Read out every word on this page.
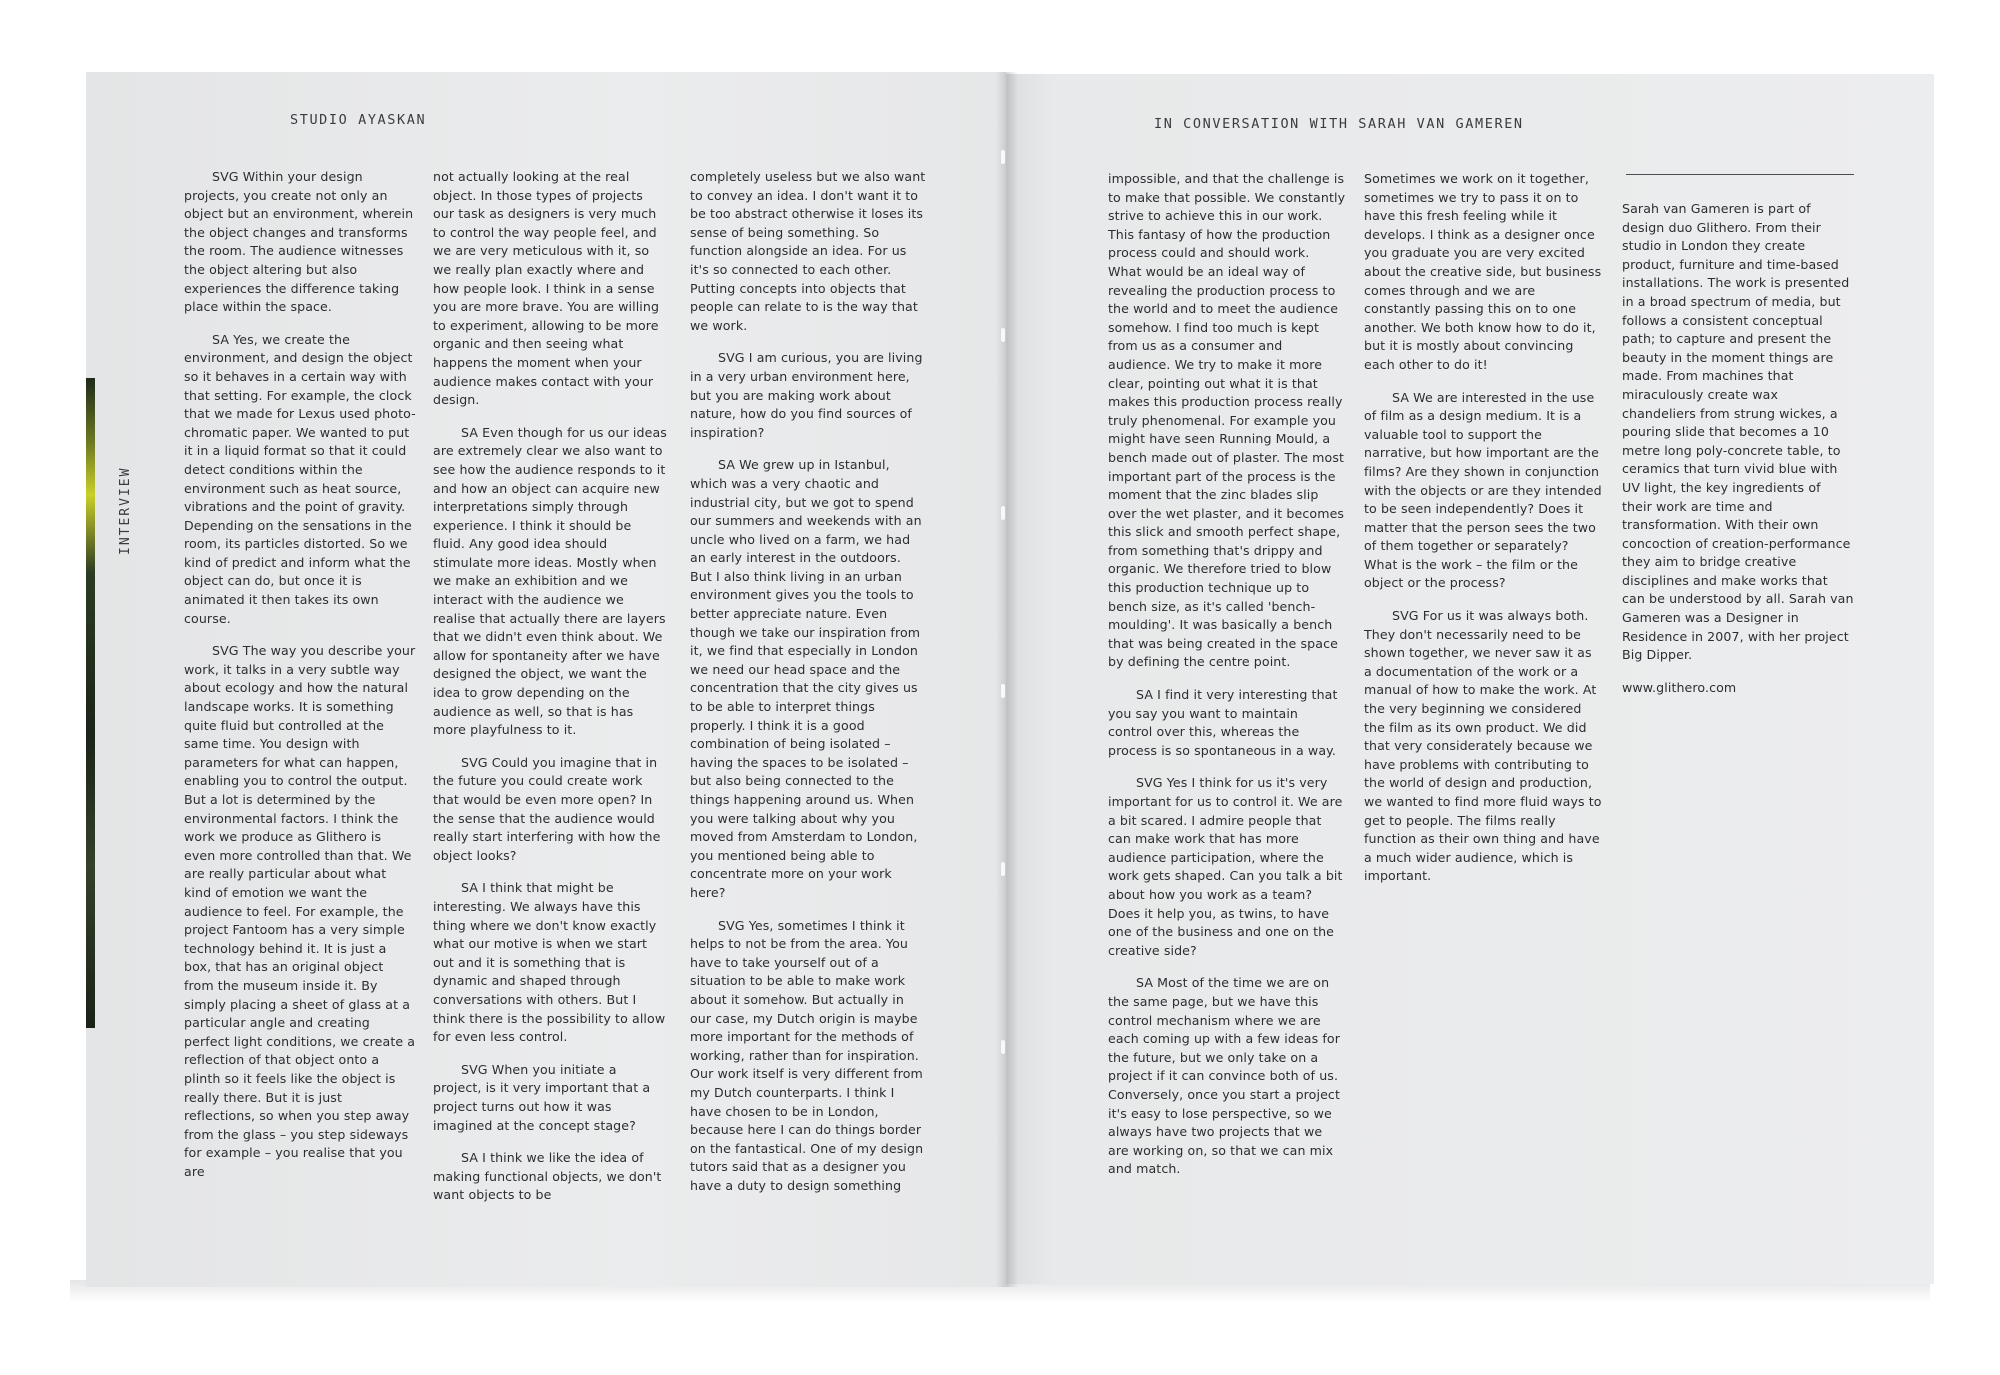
STUDIO AYASKAN	IN CONVERSATION WITH SARAH VAN GAMEREN
INTERVIEW

SVG Within your design projects, you create not only an object but an environment, wherein the object changes and transforms the room. The audience witnesses the object altering but also experiences the difference taking place within the space.

SA Yes, we create the environment, and design the object so it behaves in a certain way with that setting. For example, the clock that we made for Lexus used photo-chromatic paper. We wanted to put it in a liquid format so that it could detect conditions within the environment such as heat source, vibrations and the point of gravity. Depending on the sensations in the room, its particles distorted. So we kind of predict and inform what the object can do, but once it is animated it then takes its own course.

SVG The way you describe your work, it talks in a very subtle way about ecology and how the natural landscape works. It is something quite fluid but controlled at the same time. You design with parameters for what can happen, enabling you to control the output. But a lot is determined by the environmental factors. I think the work we produce as Glithero is even more controlled than that. We are really particular about what kind of emotion we want the audience to feel. For example, the project Fantoom has a very simple technology behind it. It is just a box, that has an original object from the museum inside it. By simply placing a sheet of glass at a particular angle and creating perfect light conditions, we create a reflection of that object onto a plinth so it feels like the object is really there. But it is just reflections, so when you step away from the glass – you step sideways for example – you realise that you are

not actually looking at the real object. In those types of projects our task as designers is very much to control the way people feel, and we are very meticulous with it, so we really plan exactly where and how people look. I think in a sense you are more brave. You are willing to experiment, allowing to be more organic and then seeing what happens the moment when your audience makes contact with your design.

SA Even though for us our ideas are extremely clear we also want to see how the audience responds to it and how an object can acquire new interpretations simply through experience. I think it should be fluid. Any good idea should stimulate more ideas. Mostly when we make an exhibition and we interact with the audience we realise that actually there are layers that we didn't even think about. We allow for spontaneity after we have designed the object, we want the idea to grow depending on the audience as well, so that is has more playfulness to it.

SVG Could you imagine that in the future you could create work that would be even more open? In the sense that the audience would really start interfering with how the object looks?

SA I think that might be interesting. We always have this thing where we don't know exactly what our motive is when we start out and it is something that is dynamic and shaped through conversations with others. But I think there is the possibility to allow for even less control.

SVG When you initiate a project, is it very important that a project turns out how it was imagined at the concept stage?

SA I think we like the idea of making functional objects, we don't want objects to be

completely useless but we also want to convey an idea. I don't want it to be too abstract otherwise it loses its sense of being something. So function alongside an idea. For us it's so connected to each other. Putting concepts into objects that people can relate to is the way that we work.

SVG I am curious, you are living in a very urban environment here, but you are making work about nature, how do you find sources of inspiration?

SA We grew up in Istanbul, which was a very chaotic and industrial city, but we got to spend our summers and weekends with an uncle who lived on a farm, we had an early interest in the outdoors. But I also think living in an urban environment gives you the tools to better appreciate nature. Even though we take our inspiration from it, we find that especially in London we need our head space and the concentration that the city gives us to be able to interpret things properly. I think it is a good combination of being isolated – having the spaces to be isolated – but also being connected to the things happening around us. When you were talking about why you moved from Amsterdam to London, you mentioned being able to concentrate more on your work here?

SVG Yes, sometimes I think it helps to not be from the area. You have to take yourself out of a situation to be able to make work about it somehow. But actually in our case, my Dutch origin is maybe more important for the methods of working, rather than for inspiration. Our work itself is very different from my Dutch counterparts. I think I have chosen to be in London, because here I can do things border on the fantastical. One of my design tutors said that as a designer you have a duty to design something

impossible, and that the challenge is to make that possible. We constantly strive to achieve this in our work. This fantasy of how the production process could and should work. What would be an ideal way of revealing the production process to the world and to meet the audience somehow. I find too much is kept from us as a consumer and audience. We try to make it more clear, pointing out what it is that makes this production process really truly phenomenal. For example you might have seen Running Mould, a bench made out of plaster. The most important part of the process is the moment that the zinc blades slip over the wet plaster, and it becomes this slick and smooth perfect shape, from something that's drippy and organic. We therefore tried to blow this production technique up to bench size, as it's called 'bench-moulding'. It was basically a bench that was being created in the space by defining the centre point.

SA I find it very interesting that you say you want to maintain control over this, whereas the process is so spontaneous in a way.

SVG Yes I think for us it's very important for us to control it. We are a bit scared. I admire people that can make work that has more audience participation, where the work gets shaped. Can you talk a bit about how you work as a team? Does it help you, as twins, to have one of the business and one on the creative side?

SA Most of the time we are on the same page, but we have this control mechanism where we are each coming up with a few ideas for the future, but we only take on a project if it can convince both of us. Conversely, once you start a project it's easy to lose perspective, so we always have two projects that we are working on, so that we can mix and match.

Sometimes we work on it together, sometimes we try to pass it on to have this fresh feeling while it develops. I think as a designer once you graduate you are very excited about the creative side, but business comes through and we are constantly passing this on to one another. We both know how to do it, but it is mostly about convincing each other to do it!

SA We are interested in the use of film as a design medium. It is a valuable tool to support the narrative, but how important are the films? Are they shown in conjunction with the objects or are they intended to be seen independently? Does it matter that the person sees the two of them together or separately? What is the work – the film or the object or the process?

SVG For us it was always both. They don't necessarily need to be shown together, we never saw it as a documentation of the work or a manual of how to make the work. At the very beginning we considered the film as its own product. We did that very considerately because we have problems with contributing to the world of design and production, we wanted to find more fluid ways to get to people. The films really function as their own thing and have a much wider audience, which is important.

Sarah van Gameren is part of design duo Glithero. From their studio in London they create product, furniture and time-based installations. The work is presented in a broad spectrum of media, but follows a consistent conceptual path; to capture and present the beauty in the moment things are made. From machines that miraculously create wax chandeliers from strung wickes, a pouring slide that becomes a 10 metre long poly-concrete table, to ceramics that turn vivid blue with UV light, the key ingredients of their work are time and transformation. With their own concoction of creation-performance they aim to bridge creative disciplines and make works that can be understood by all. Sarah van Gameren was a Designer in Residence in 2007, with her project Big Dipper.

www.glithero.com
